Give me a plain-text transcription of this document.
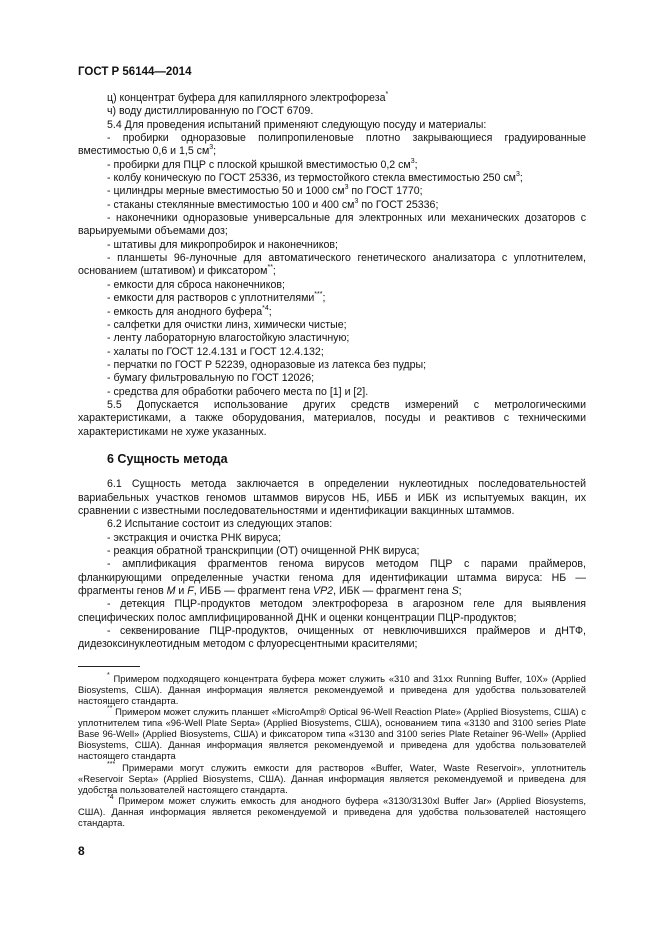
ГОСТ Р 56144—2014

ц) концентрат буфера для капиллярного электрофореза*

ч) воду дистиллированную по ГОСТ 6709.

5.4 Для проведения испытаний применяют следующую посуду и материалы:

- пробирки одноразовые полипропиленовые плотно закрывающиеся градуированные

вместимостью 0,6 и 1,5 $см^3$;

- пробирки для ПЦР с плоской крышкой вместимостью 0,2 $см^3$;

- колбу коническую по ГОСТ 25336, из термостойкого стекла вместимостью 250 $см^3$;

- цилиндры мерные вместимостью 50 и 1000 $см^3$ по ГОСТ 1770;

- стаканы стеклянные вместимостью 100 и 400 $см^3$ по ГОСТ 25336;

- наконечники одноразовые универсальные для электронных или механических дозаторов с

варьируемыми объемами доз;

- штативы для микропробирок и наконечников;

- планшеты 96-луночные для автоматического генетического анализатора с уплотнителем,

основанием (штативом) и фиксатором**;

- емкости для сброса наконечников;

- емкости для растворов с уплотнителями***;

- емкость для анодного буфера$^{*4}$;

- салфетки для очистки линз, химически чистые;

- ленту лабораторную влагостойкую эластичную;

- халаты по ГОСТ 12.4.131 и ГОСТ 12.4.132;

- перчатки по ГОСТ Р 52239, одноразовые из латекса без пудры;

- бумагу фильтровальную по ГОСТ 12026;

- средства для обработки рабочего места по [1] и [2].

5.5 Допускается использование других средств измерений с метрологическими

характеристиками, а также оборудования, материалов, посуды и реактивов с техническими

характеристиками не хуже указанных.

6 Сущность метода

6.1 Сущность метода заключается в определении нуклеотидных последовательностей вариабельных участков геномов штаммов вирусов НБ, ИББ и ИБК из испытуемых вакцин, их сравнении с известными последовательностями и идентификации вакцинных штаммов.

6.2 Испытание состоит из следующих этапов:

- экстракция и очистка РНК вируса;

- реакция обратной транскрипции (ОТ) очищенной РНК вируса;

- амплификация фрагментов генома вирусов методом ПЦР с парами праймеров, фланкирующими определенные участки генома для идентификации штамма вируса: НБ — фрагменты генов M и F, ИББ — фрагмент гена VP2, ИБК — фрагмент гена S;

- детекция ПЦР-продуктов методом электрофореза в агарозном геле для выявления специфических полос амплифицированной ДНК и оценки концентрации ПЦР-продуктов;

- секвенирование ПЦР-продуктов, очищенных от невключившихся праймеров и дНТФ, дидезоксинуклеотидным методом с флуоресцентными красителями;

* Примером подходящего концентрата буфера может служить «310 and 31xx Running Buffer, 10X» (Applied Biosystems, США). Данная информация является рекомендуемой и приведена для удобства пользователей настоящего стандарта.

** Примером может служить планшет «MicroAmp® Optical 96-Well Reaction Plate» (Applied Biosystems, США) с уплотнителем типа «96-Well Plate Septa» (Applied Biosystems, США), основанием типа «3130 and 3100 series Plate Base 96-Well» (Applied Biosystems, США) и фиксатором типа «3130 and 3100 series Plate Retainer 96-Well» (Applied Biosystems, США). Данная информация является рекомендуемой и приведена для удобства пользователей настоящего стандарта

*** Примерами могут служить емкости для растворов «Buffer, Water, Waste Reservoir», уплотнитель «Reservoir Septa» (Applied Biosystems, США). Данная информация является рекомендуемой и приведена для удобства пользователей настоящего стандарта.

$^{*4}$ Примером может служить емкость для анодного буфера «3130/3130xl Buffer Jar» (Applied Biosystems, США). Данная информация является рекомендуемой и приведена для удобства пользователей настоящего стандарта.

8
